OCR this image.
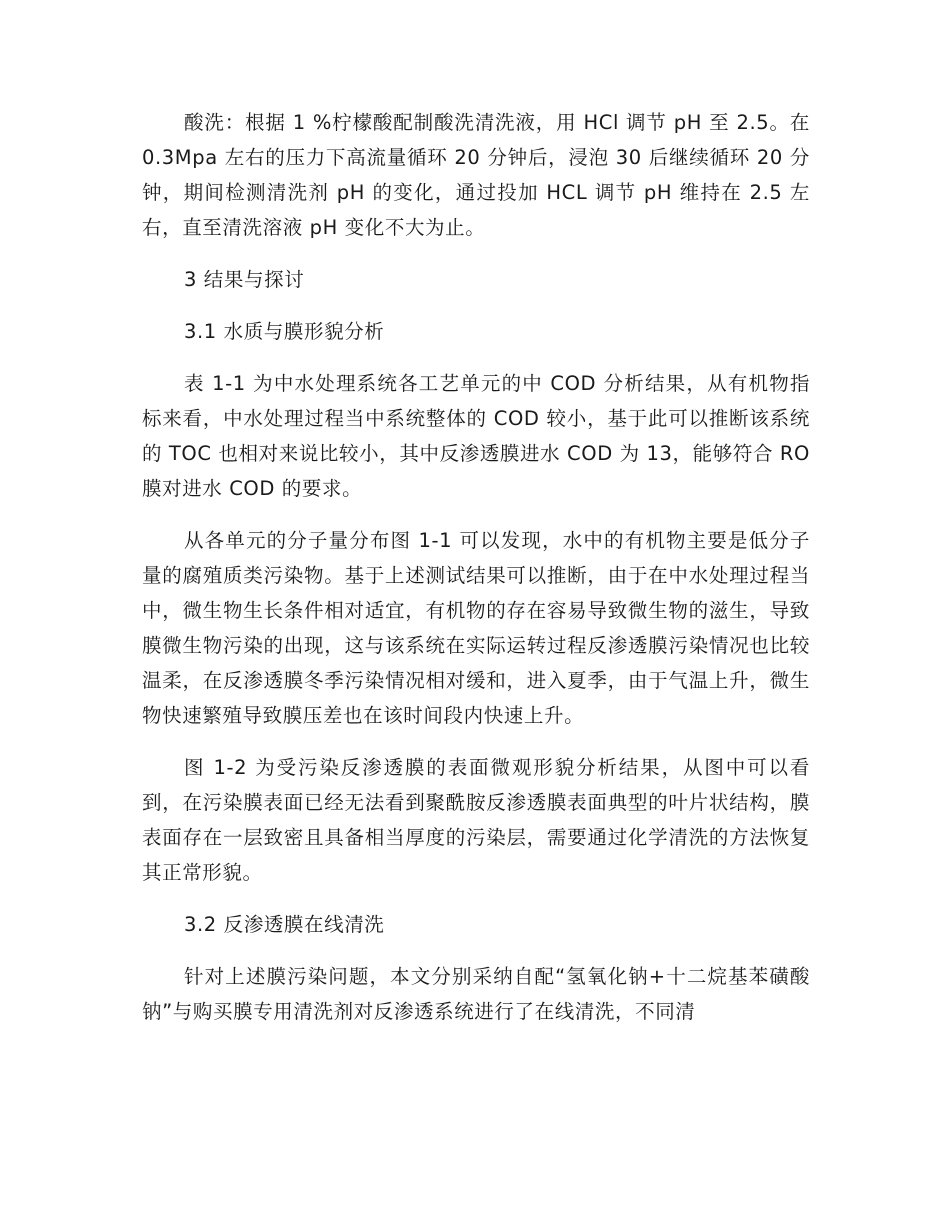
酸洗：根据 1 %柠檬酸配制酸洗清洗液，用 HCl 调节 pH 至 2.5。在 0.3Mpa 左右的压力下高流量循环 20 分钟后，浸泡 30 后继续循环 20 分钟，期间检测清洗剂 pH 的变化，通过投加 HCL 调节 pH 维持在 2.5 左右，直至清洗溶液 pH 变化不大为止。

3 结果与探讨

3.1 水质与膜形貌分析

表 1-1 为中水处理系统各工艺单元的中 COD 分析结果，从有机物指标来看，中水处理过程当中系统整体的 COD 较小，基于此可以推断该系统的 TOC 也相对来说比较小，其中反渗透膜进水 COD 为 13，能够符合 RO 膜对进水 COD 的要求。

从各单元的分子量分布图 1-1 可以发现，水中的有机物主要是低分子量的腐殖质类污染物。基于上述测试结果可以推断，由于在中水处理过程当中，微生物生长条件相对适宜，有机物的存在容易导致微生物的滋生，导致膜微生物污染的出现，这与该系统在实际运转过程反渗透膜污染情况也比较温柔，在反渗透膜冬季污染情况相对缓和，进入夏季，由于气温上升，微生物快速繁殖导致膜压差也在该时间段内快速上升。

图 1-2 为受污染反渗透膜的表面微观形貌分析结果，从图中可以看到，在污染膜表面已经无法看到聚酰胺反渗透膜表面典型的叶片状结构，膜表面存在一层致密且具备相当厚度的污染层，需要通过化学清洗的方法恢复其正常形貌。

3.2 反渗透膜在线清洗

针对上述膜污染问题，本文分别采纳自配“氢氧化钠+十二烷基苯磺酸钠”与购买膜专用清洗剂对反渗透系统进行了在线清洗，不同清
